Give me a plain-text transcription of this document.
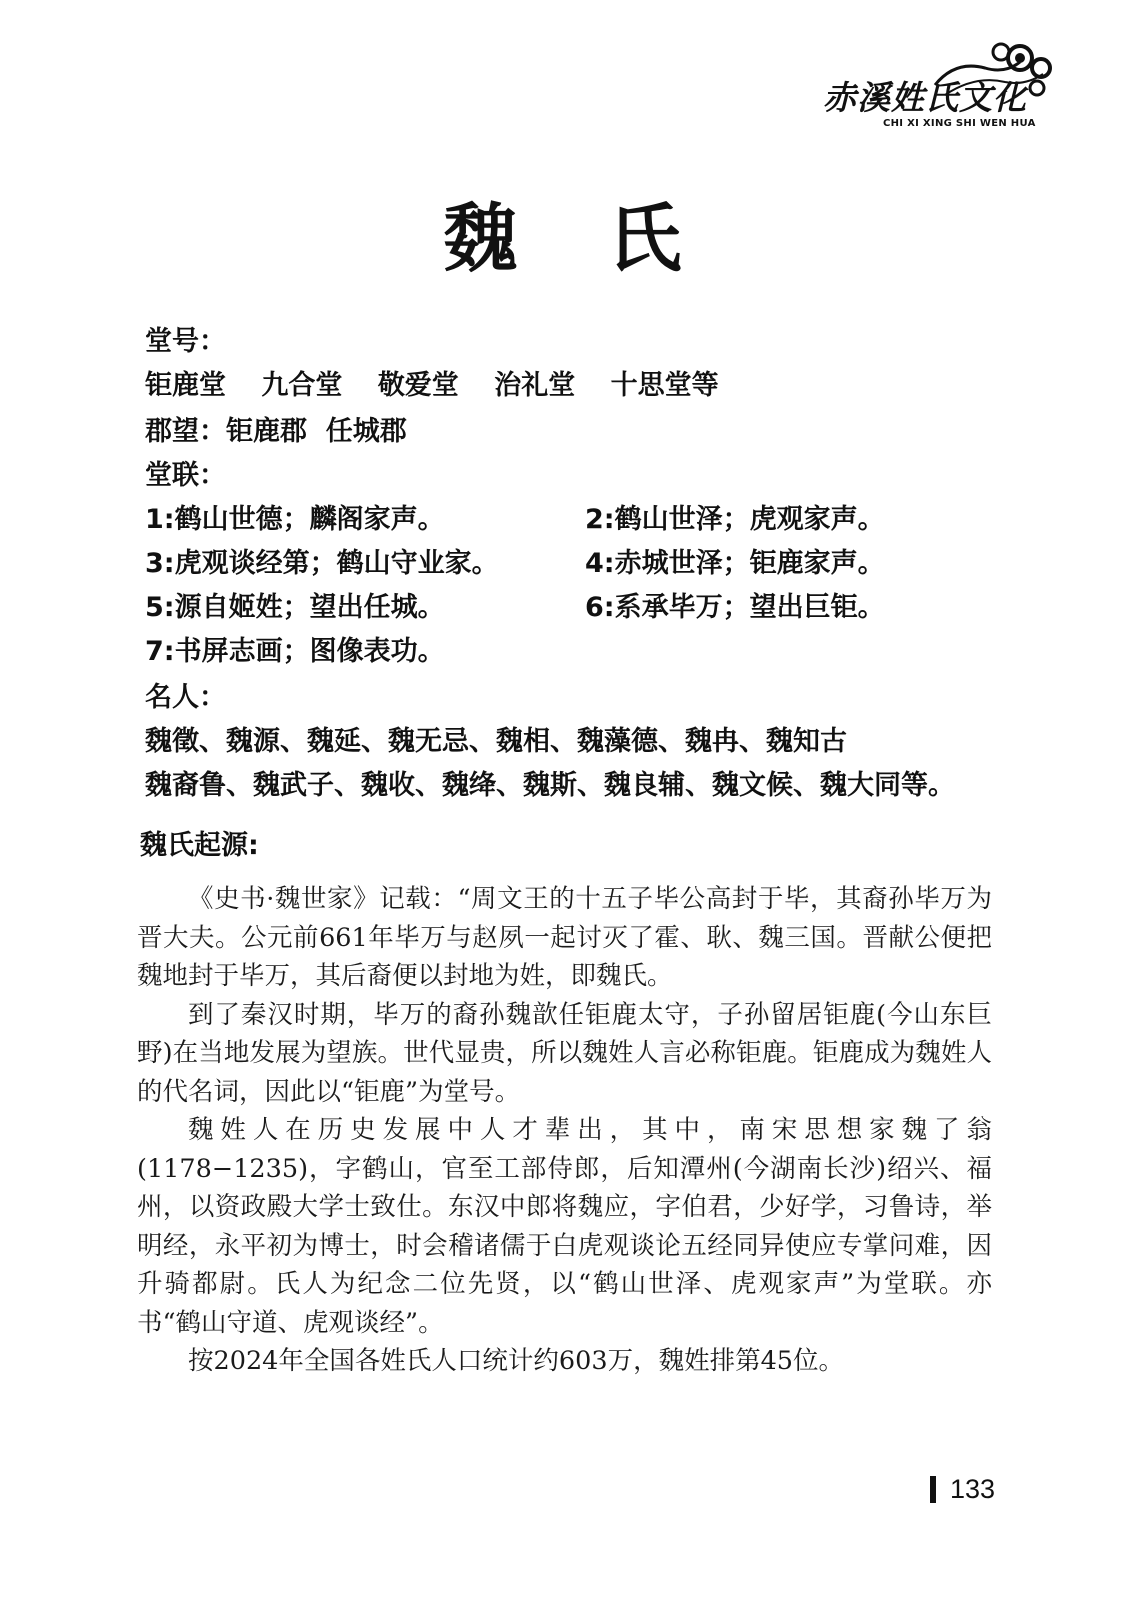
赤溪姓氏文化
CHI XI XING SHI WEN HUA
魏 氏
堂号：
钜鹿堂 九合堂 敬爱堂 治礼堂 十思堂等
郡望：钜鹿郡  任城郡
堂联：
1:鹤山世德；麟阁家声。	2:鹤山世泽；虎观家声。
3:虎观谈经第；鹤山守业家。	4:赤城世泽；钜鹿家声。
5:源自姬姓；望出任城。	6:系承毕万；望出巨钜。
7:书屏志画；图像表功。
名人：
魏徵、魏源、魏延、魏无忌、魏相、魏藻德、魏冉、魏知古
魏裔鲁、魏武子、魏收、魏绛、魏斯、魏良辅、魏文候、魏大同等。
魏氏起源:

《史书·魏世家》记载：“周文王的十五子毕公高封于毕，其裔孙毕万为晋大夫。公元前661年毕万与赵夙一起讨灭了霍、耿、魏三国。晋献公便把魏地封于毕万，其后裔便以封地为姓，即魏氏。

到了秦汉时期，毕万的裔孙魏歆任钜鹿太守，子孙留居钜鹿(今山东巨野)在当地发展为望族。世代显贵，所以魏姓人言必称钜鹿。钜鹿成为魏姓人的代名词，因此以“钜鹿”为堂号。

魏姓人在历史发展中人才辈出，其中，南宋思想家魏了翁(1178−1235)，字鹤山，官至工部侍郎，后知潭州(今湖南长沙)绍兴、福州，以资政殿大学士致仕。东汉中郎将魏应，字伯君，少好学，习鲁诗，举明经，永平初为博士，时会稽诸儒于白虎观谈论五经同异使应专掌问难，因升骑都尉。氏人为纪念二位先贤，以“鹤山世泽、虎观家声”为堂联。亦书“鹤山守道、虎观谈经”。

按2024年全国各姓氏人口统计约603万，魏姓排第45位。

133
